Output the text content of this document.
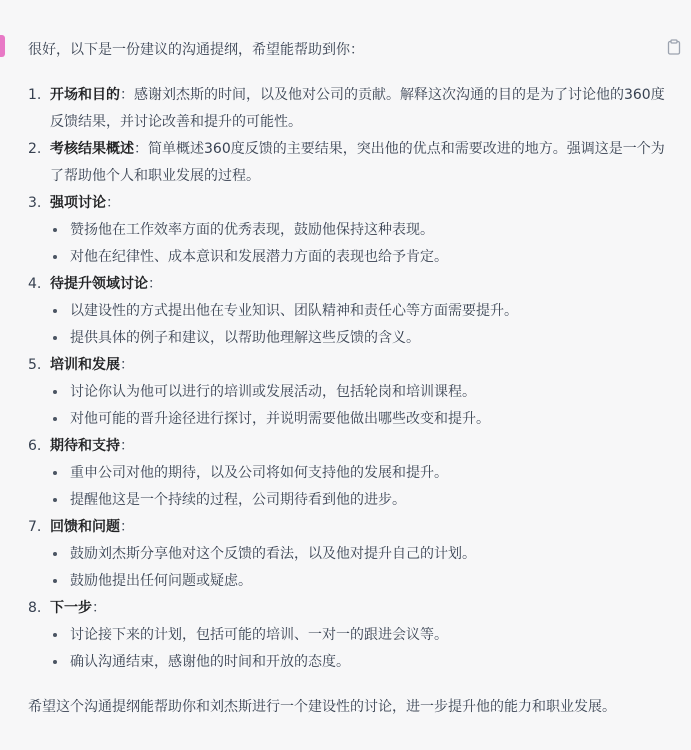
很好，以下是一份建议的沟通提纲，希望能帮助到你：
1. 开场和目的：感谢刘杰斯的时间，以及他对公司的贡献。解释这次沟通的目的是为了讨论他的360度反馈结果，并讨论改善和提升的可能性。
2. 考核结果概述：简单概述360度反馈的主要结果，突出他的优点和需要改进的地方。强调这是一个为了帮助他个人和职业发展的过程。
3. 强项讨论：
赞扬他在工作效率方面的优秀表现，鼓励他保持这种表现。
对他在纪律性、成本意识和发展潜力方面的表现也给予肯定。
4. 待提升领域讨论：
以建设性的方式提出他在专业知识、团队精神和责任心等方面需要提升。
提供具体的例子和建议，以帮助他理解这些反馈的含义。
5. 培训和发展：
讨论你认为他可以进行的培训或发展活动，包括轮岗和培训课程。
对他可能的晋升途径进行探讨，并说明需要他做出哪些改变和提升。
6. 期待和支持：
重申公司对他的期待，以及公司将如何支持他的发展和提升。
提醒他这是一个持续的过程，公司期待看到他的进步。
7. 回馈和问题：
鼓励刘杰斯分享他对这个反馈的看法，以及他对提升自己的计划。
鼓励他提出任何问题或疑虑。
8. 下一步：
讨论接下来的计划，包括可能的培训、一对一的跟进会议等。
确认沟通结束，感谢他的时间和开放的态度。
希望这个沟通提纲能帮助你和刘杰斯进行一个建设性的讨论，进一步提升他的能力和职业发展。
